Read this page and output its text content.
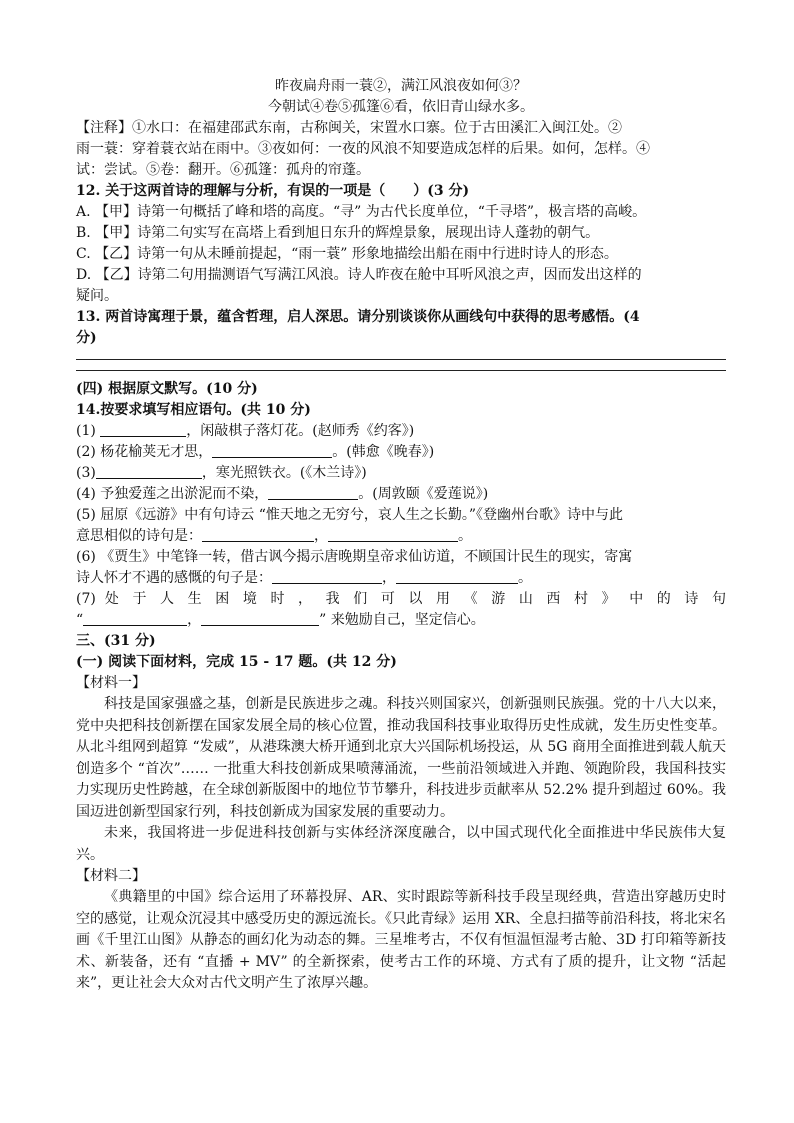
昨夜扁舟雨一蓑②，满江风浪夜如何③？
今朝试④卷⑤孤篷⑥看，依旧青山绿水多。
【注释】①水口：在福建邵武东南，古称闽关，宋置水口寨。位于古田溪汇入闽江处。②
雨一蓑：穿着蓑衣站在雨中。③夜如何：一夜的风浪不知要造成怎样的后果。如何，怎样。④
试：尝试。⑤卷：翻开。⑥孤篷：孤舟的帘蓬。
12. 关于这两首诗的理解与分析，有误的一项是（　　）(3 分)
A. 【甲】诗第一句概括了峰和塔的高度。“寻” 为古代长度单位，“千寻塔”，极言塔的高峻。
B. 【甲】诗第二句实写在高塔上看到旭日东升的辉煌景象，展现出诗人蓬勃的朝气。
C. 【乙】诗第一句从未睡前提起，“雨一蓑” 形象地描绘出船在雨中行进时诗人的形态。
D. 【乙】诗第二句用揣测语气写满江风浪。诗人昨夜在舱中耳听风浪之声，因而发出这样的
疑问。
13. 两首诗寓理于景，蕴含哲理，启人深思。请分别谈谈你从画线句中获得的思考感悟。(4
分)
(四) 根据原文默写。(10 分)
14.按要求填写相应语句。(共 10 分)
(1)	，闲敲棋子落灯花。(赵师秀《约客》)
(2) 杨花榆荚无才思，	。(韩愈《晚春》)
(3)	，寒光照铁衣。(《木兰诗》)
(4) 予独爱莲之出淤泥而不染，	。(周敦颐《爱莲说》)
(5) 屈原《远游》中有句诗云 “惟天地之无穷兮，哀人生之长勤。”《登幽州台歌》诗中与此
意思相似的诗句是：	，	。
(6) 《贾生》中笔锋一转，借古讽今揭示唐晚期皇帝求仙访道，不顾国计民生的现实，寄寓
诗人怀才不遇的感慨的句子是：	，	。
(7) 处 于 人 生 困 境 时 ， 我 们 可 以 用 《 游 山 西 村 》 中 的 诗 句
“	，	” 来勉励自己，坚定信心。
三、(31 分)
(一) 阅读下面材料，完成 15 - 17 题。(共 12 分)
【材料一】
科技是国家强盛之基，创新是民族进步之魂。科技兴则国家兴，创新强则民族强。党的十八大以来，党中央把科技创新摆在国家发展全局的核心位置，推动我国科技事业取得历史性成就，发生历史性变革。从北斗组网到超算 “发威”，从港珠澳大桥开通到北京大兴国际机场投运，从 5G 商用全面推进到载人航天创造多个 “首次”…… 一批重大科技创新成果喷薄涌流，一些前沿领域进入并跑、领跑阶段，我国科技实力实现历史性跨越，在全球创新版图中的地位节节攀升，科技进步贡献率从 52.2% 提升到超过 60%。我国迈进创新型国家行列，科技创新成为国家发展的重要动力。
未来，我国将进一步促进科技创新与实体经济深度融合，以中国式现代化全面推进中华民族伟大复兴。
【材料二】
《典籍里的中国》综合运用了环幕投屏、AR、实时跟踪等新科技手段呈现经典，营造出穿越历史时空的感觉，让观众沉浸其中感受历史的源远流长。《只此青绿》运用 XR、全息扫描等前沿科技，将北宋名画《千里江山图》从静态的画幻化为动态的舞。三星堆考古，不仅有恒温恒湿考古舱、3D 打印箱等新技术、新装备，还有 “直播 + MV” 的全新探索，使考古工作的环境、方式有了质的提升，让文物 “活起来”，更让社会大众对古代文明产生了浓厚兴趣。
